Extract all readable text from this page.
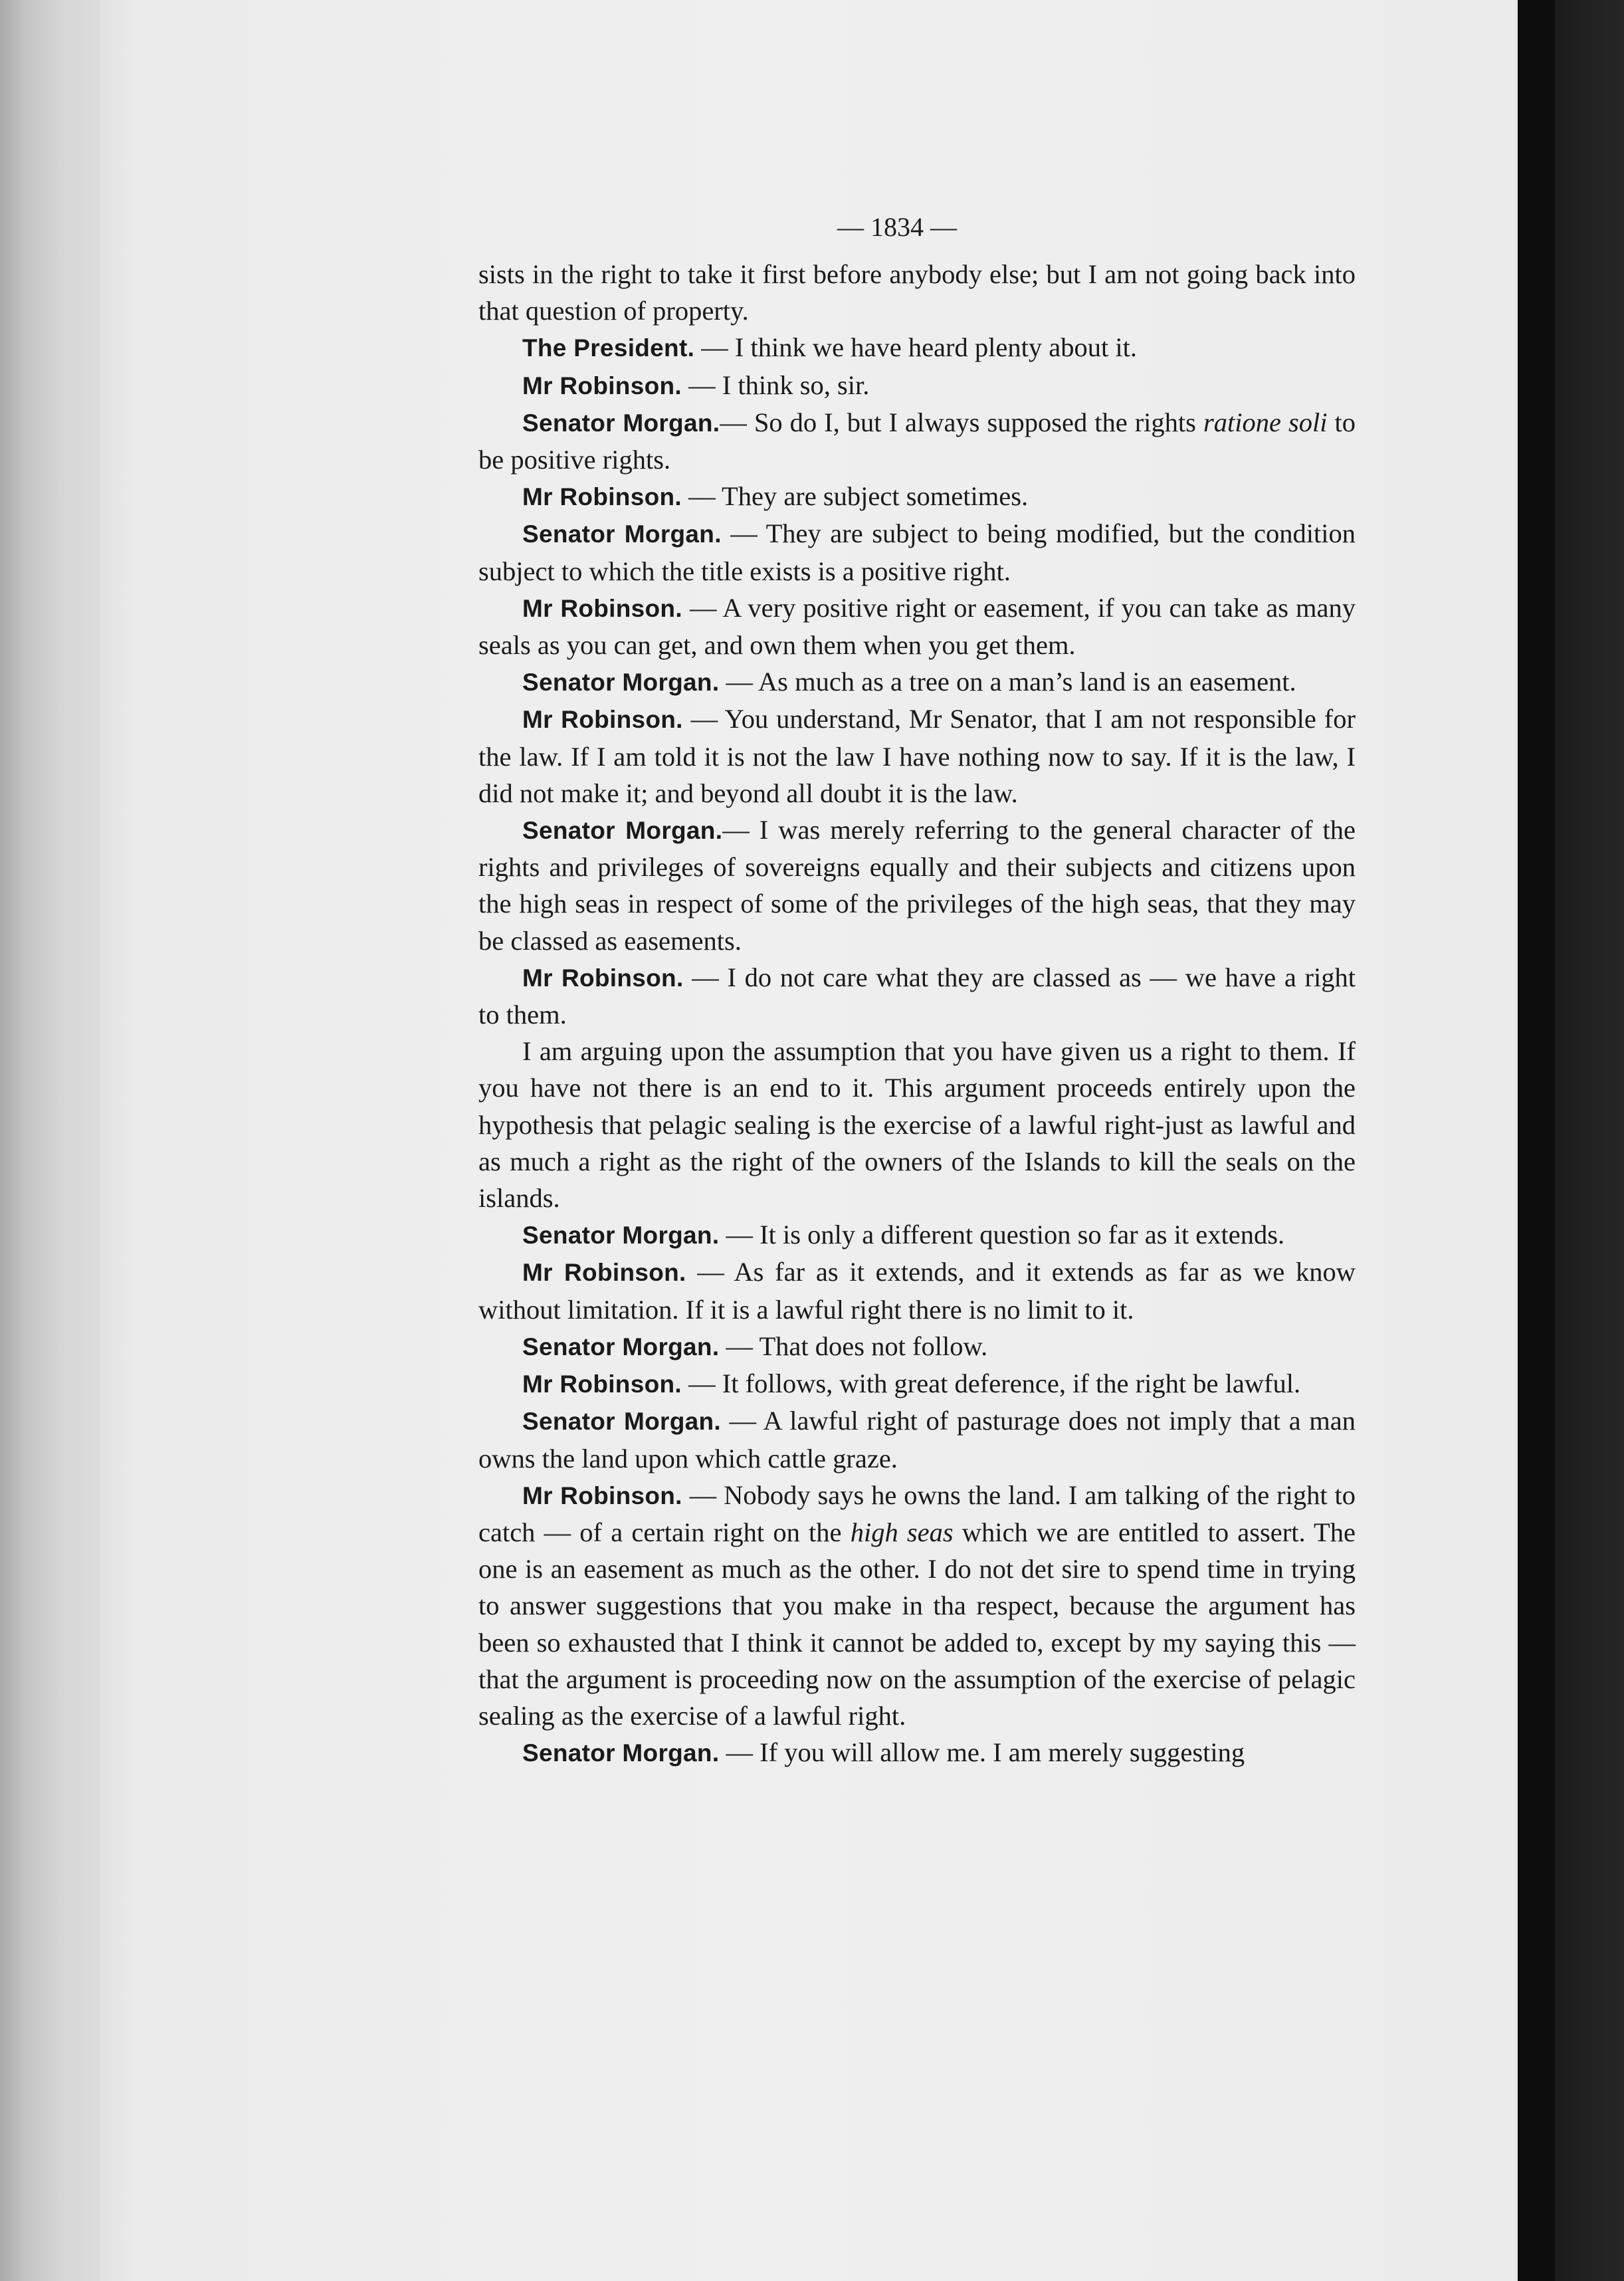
— 1834 —

sists in the right to take it first before anybody else; but I am not going back into that question of property.

The President. — I think we have heard plenty about it.

Mr Robinson. — I think so, sir.

Senator Morgan.— So do I, but I always supposed the rights ratione soli to be positive rights.

Mr Robinson. — They are subject sometimes.

Senator Morgan. — They are subject to being modified, but the condition subject to which the title exists is a positive right.

Mr Robinson. — A very positive right or easement, if you can take as many seals as you can get, and own them when you get them.

Senator Morgan. — As much as a tree on a man’s land is an easement.

Mr Robinson. — You understand, Mr Senator, that I am not responsible for the law. If I am told it is not the law I have nothing now to say. If it is the law, I did not make it; and beyond all doubt it is the law.

Senator Morgan.— I was merely referring to the general character of the rights and privileges of sovereigns equally and their subjects and citizens upon the high seas in respect of some of the privileges of the high seas, that they may be classed as easements.

Mr Robinson. — I do not care what they are classed as — we have a right to them.

I am arguing upon the assumption that you have given us a right to them. If you have not there is an end to it. This argument proceeds entirely upon the hypothesis that pelagic sealing is the exercise of a lawful right-just as lawful and as much a right as the right of the owners of the Islands to kill the seals on the islands.

Senator Morgan. — It is only a different question so far as it extends.

Mr Robinson. — As far as it extends, and it extends as far as we know without limitation. If it is a lawful right there is no limit to it.

Senator Morgan. — That does not follow.

Mr Robinson. — It follows, with great deference, if the right be lawful.

Senator Morgan. — A lawful right of pasturage does not imply that a man owns the land upon which cattle graze.

Mr Robinson. — Nobody says he owns the land. I am talking of the right to catch — of a certain right on the high seas which we are entitled to assert. The one is an easement as much as the other. I do not det sire to spend time in trying to answer suggestions that you make in tha respect, because the argument has been so exhausted that I think it cannot be added to, except by my saying this — that the argument is proceeding now on the assumption of the exercise of pelagic sealing as the exercise of a lawful right.

Senator Morgan. — If you will allow me. I am merely suggesting
